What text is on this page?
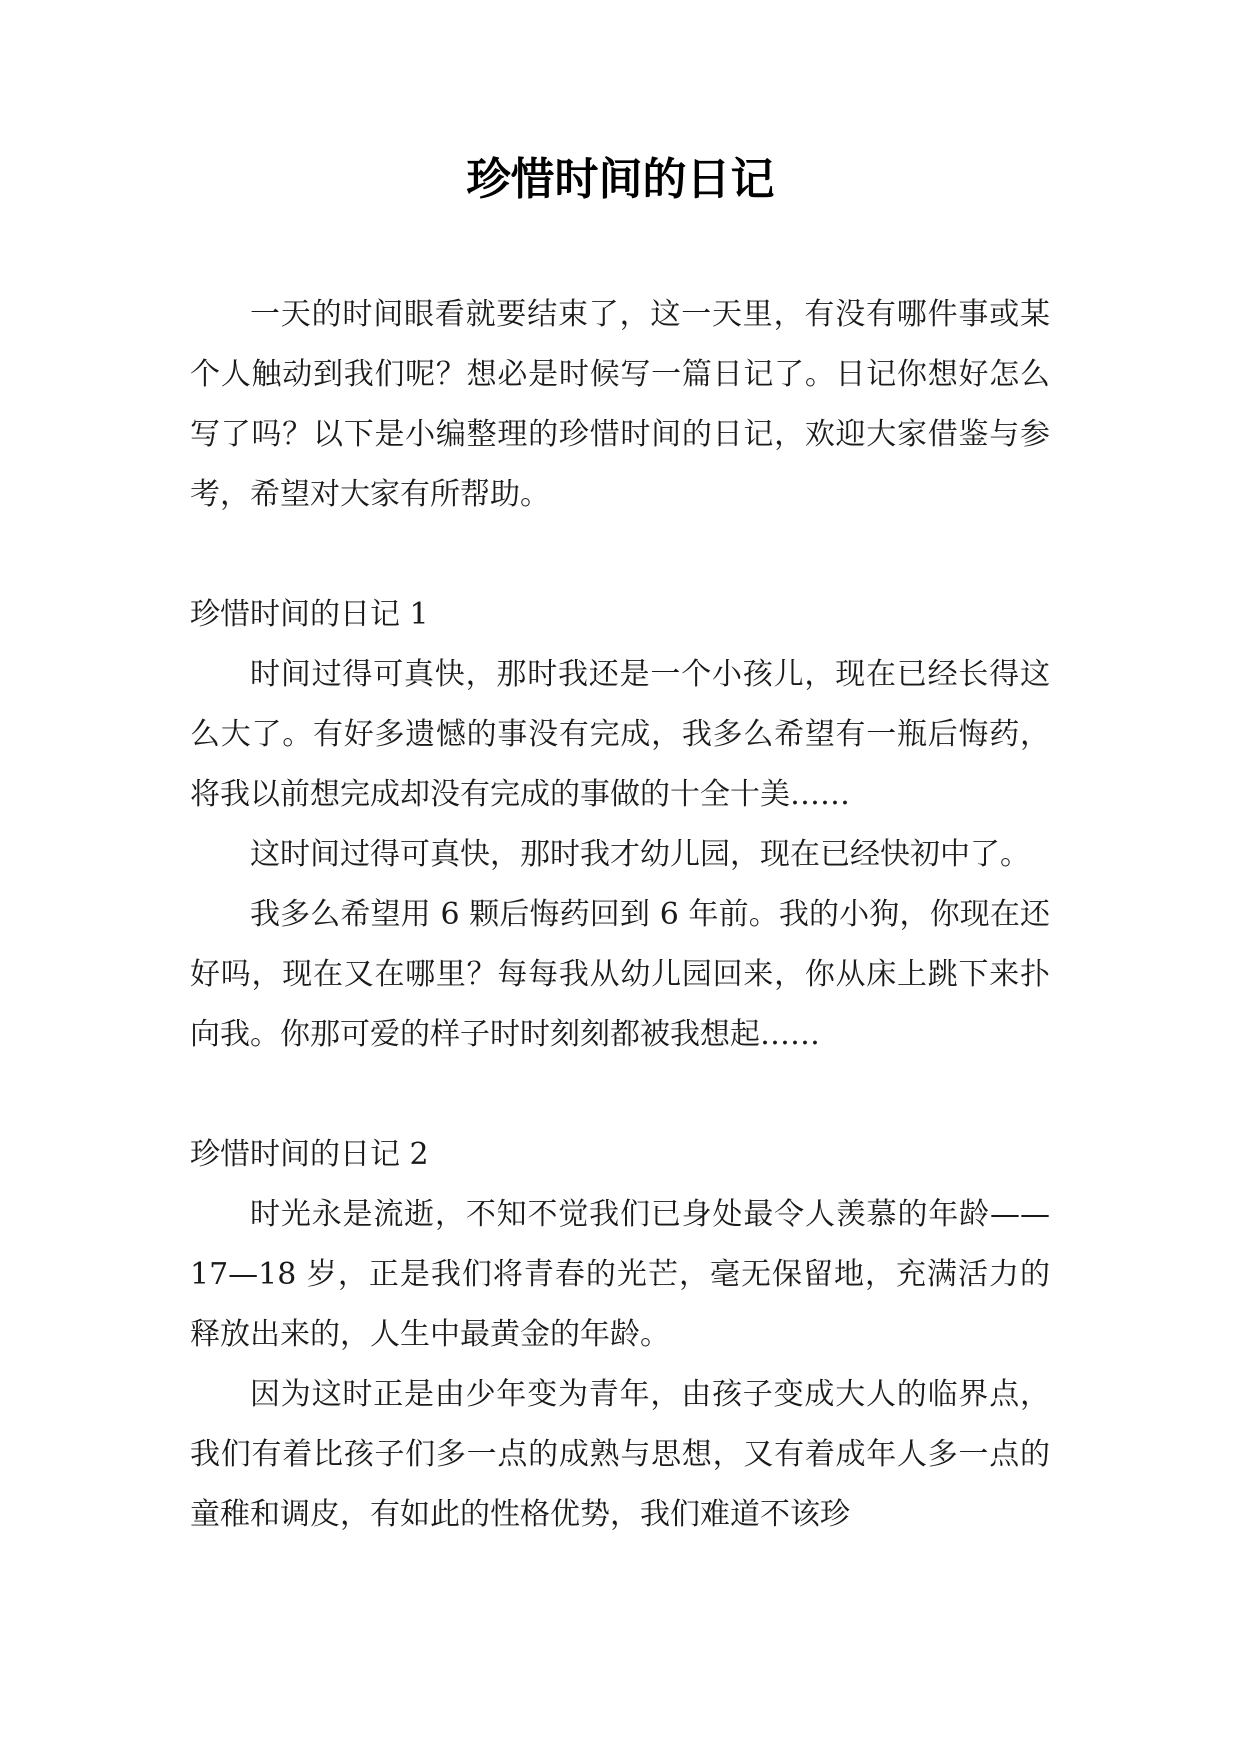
珍惜时间的日记

一天的时间眼看就要结束了，这一天里，有没有哪件事或某个人触动到我们呢？想必是时候写一篇日记了。日记你想好怎么写了吗？以下是小编整理的珍惜时间的日记，欢迎大家借鉴与参考，希望对大家有所帮助。

珍惜时间的日记 1

时间过得可真快，那时我还是一个小孩儿，现在已经长得这么大了。有好多遗憾的事没有完成，我多么希望有一瓶后悔药，将我以前想完成却没有完成的事做的十全十美……

这时间过得可真快，那时我才幼儿园，现在已经快初中了。

我多么希望用 6 颗后悔药回到 6 年前。我的小狗，你现在还好吗，现在又在哪里？每每我从幼儿园回来，你从床上跳下来扑向我。你那可爱的样子时时刻刻都被我想起……

珍惜时间的日记 2

时光永是流逝，不知不觉我们已身处最令人羡慕的年龄——17—18 岁，正是我们将青春的光芒，毫无保留地，充满活力的释放出来的，人生中最黄金的年龄。

因为这时正是由少年变为青年，由孩子变成大人的临界点，我们有着比孩子们多一点的成熟与思想，又有着成年人多一点的童稚和调皮，有如此的性格优势，我们难道不该珍
